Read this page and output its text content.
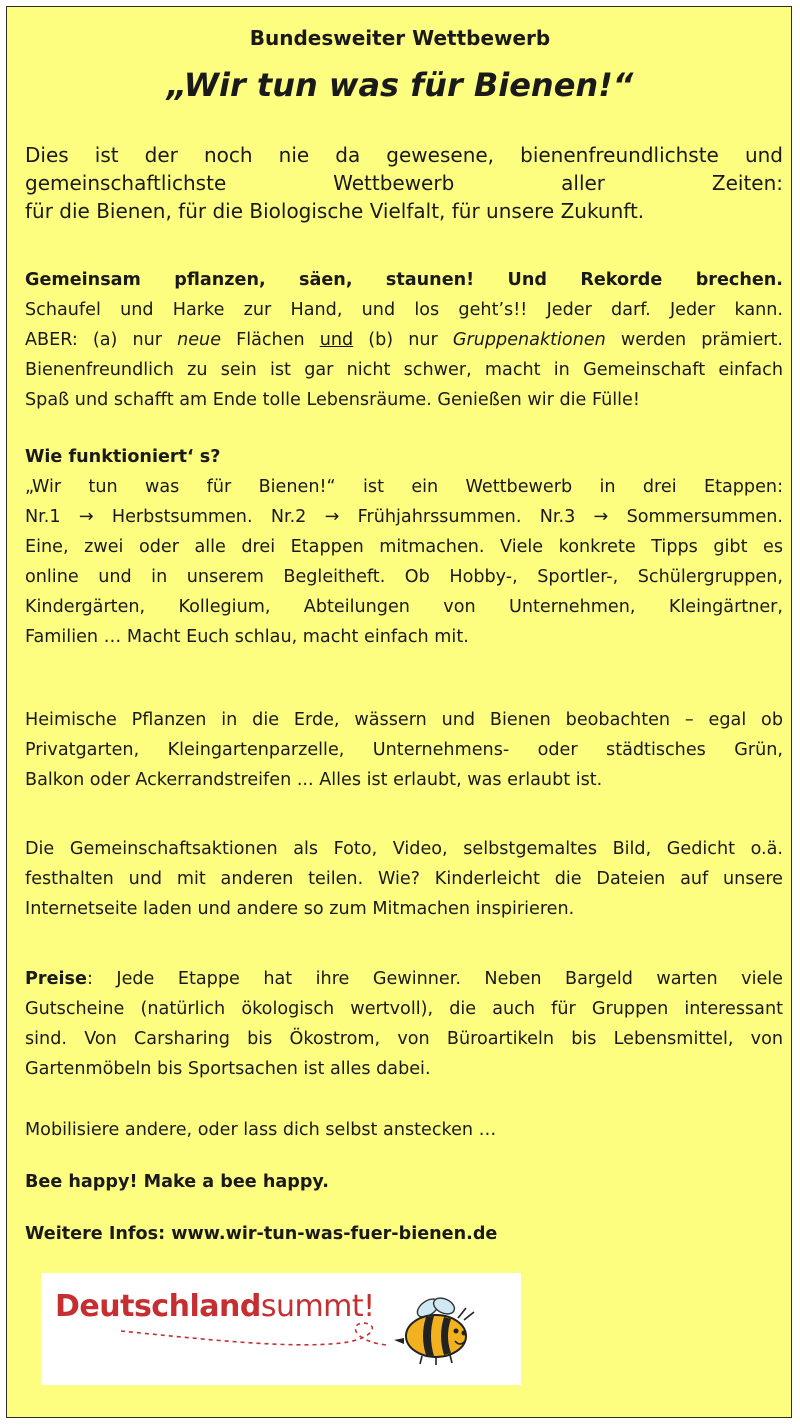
Bundesweiter Wettbewerb
„Wir tun was für Bienen!“
Dies ist der noch nie da gewesene, bienenfreundlichste und
gemeinschaftlichste Wettbewerb aller Zeiten:
für die Bienen, für die Biologische Vielfalt, für unsere Zukunft.
Gemeinsam pflanzen, säen, staunen! Und Rekorde brechen.
Schaufel und Harke zur Hand, und los geht’s!! Jeder darf. Jeder kann.
ABER: (a) nur neue Flächen und (b) nur Gruppenaktionen werden prämiert.
Bienenfreundlich zu sein ist gar nicht schwer, macht in Gemeinschaft einfach
Spaß und schafft am Ende tolle Lebensräume. Genießen wir die Fülle!
Wie funktioniert‘ s?
„Wir tun was für Bienen!“ ist ein Wettbewerb in drei Etappen:
Nr.1 → Herbstsummen. Nr.2 → Frühjahrssummen. Nr.3 → Sommersummen.
Eine, zwei oder alle drei Etappen mitmachen. Viele konkrete Tipps gibt es
online und in unserem Begleitheft. Ob Hobby-, Sportler-, Schülergruppen,
Kindergärten, Kollegium, Abteilungen von Unternehmen, Kleingärtner,
Familien … Macht Euch schlau, macht einfach mit.
Heimische Pflanzen in die Erde, wässern und Bienen beobachten – egal ob
Privatgarten, Kleingartenparzelle, Unternehmens- oder städtisches Grün,
Balkon oder Ackerrandstreifen ... Alles ist erlaubt, was erlaubt ist.
Die Gemeinschaftsaktionen als Foto, Video, selbstgemaltes Bild, Gedicht o.ä.
festhalten und mit anderen teilen. Wie? Kinderleicht die Dateien auf unsere
Internetseite laden und andere so zum Mitmachen inspirieren.
Preise: Jede Etappe hat ihre Gewinner. Neben Bargeld warten viele
Gutscheine (natürlich ökologisch wertvoll), die auch für Gruppen interessant
sind. Von Carsharing bis Ökostrom, von Büroartikeln bis Lebensmittel, von
Gartenmöbeln bis Sportsachen ist alles dabei.
Mobilisiere andere, oder lass dich selbst anstecken …
Bee happy! Make a bee happy.
Weitere Infos: www.wir-tun-was-fuer-bienen.de
Deutschlandsummt!
